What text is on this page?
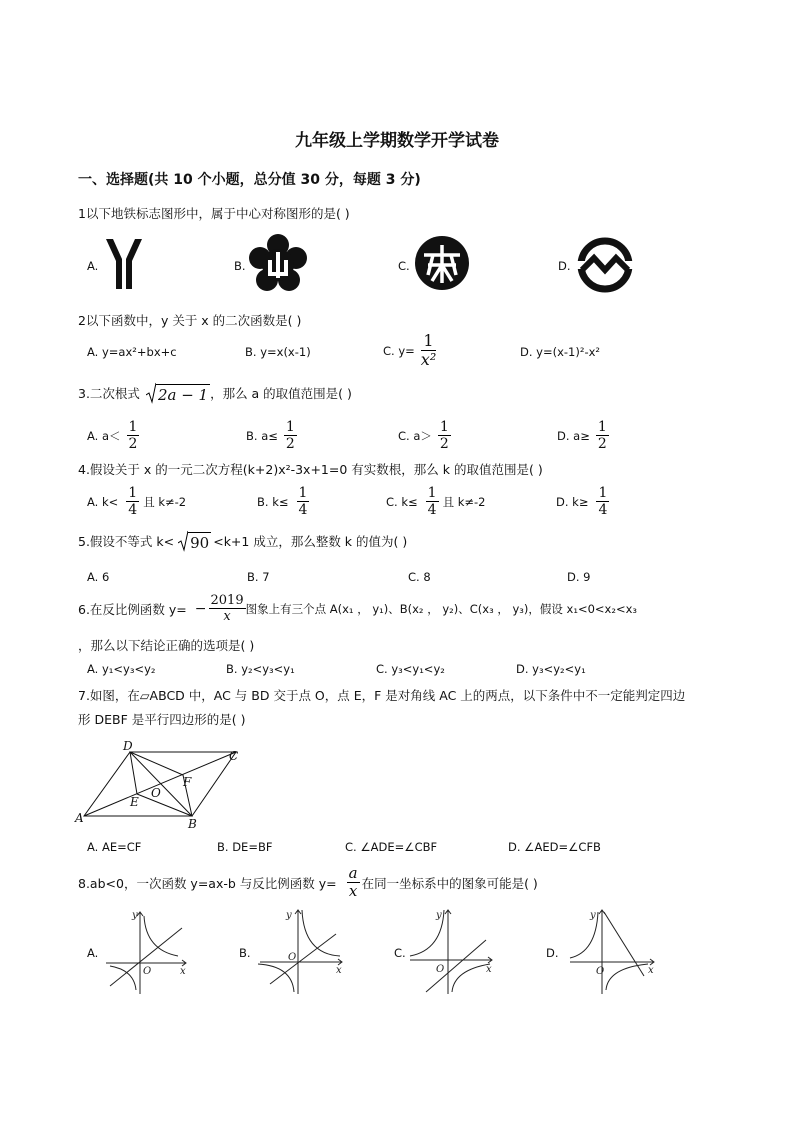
九年级上学期数学开学试卷
一、选择题(共 10 个小题，总分值 30 分，每题 3 分)
1以下地铁标志图形中，属于中心对称图形的是( )
A.	B.	C.	D.
2以下函数中，y 关于 x 的二次函数是( )
A. y=ax²+bx+c	B. y=x(x-1)	C. $y= \frac{1}{\text{x²}}$	D. y=(x-1)²-x²
3.二次根式 2a − 1 ，那么 a 的取值范围是( )
A. $a< \frac{1}{2}$	B. $a\le \frac{1}{2}$	C. $a> \frac{1}{2}$	D. $a\ge \frac{1}{2}$
4.假设关于 x 的一元二次方程(k+2)x²-3x+1=0 有实数根，那么 k 的取值范围是( )
A. $k< \frac{1}{4}$ 且 k≠-2	B. $k\le \frac{1}{4}$	C. $k\le \frac{1}{4}$ 且 k≠-2	D. $k\ge \frac{1}{4}$
5.假设不等式 k< 90 <k+1 成立，那么整数 k 的值为( )
A. 6	B. 7	C. 8	D. 9
6.在反比例函数 $y= - \frac{2019}{x}$ 图象上有三个点 A(x₁ ， y₁)、B(x₂ ， y₂)、C(x₃ ， y₃)，假设 x₁<0<x₂<x₃
，那么以下结论正确的选项是( )
A. y₁<y₃<y₂	B. y₂<y₃<y₁	C. y₃<y₁<y₂	D. y₃<y₂<y₁
7.如图，在▱ABCD 中，AC 与 BD 交于点 O，点 E，F 是对角线 AC 上的两点，以下条件中不一定能判定四边
形 DEBF 是平行四边形的是( )
A	B
C
D
E
F
O
A. AE=CF	B. DE=BF	C. ∠ADE=∠CBF	D. ∠AED=∠CFB
8.ab<0，一次函数 y=ax-b 与反比例函数 $y= \frac{a}{x}$ 在同一坐标系中的图象可能是( )
A.	B.	C.	D.
y
x
O
y
x
O
y
x
O
y
x
O
